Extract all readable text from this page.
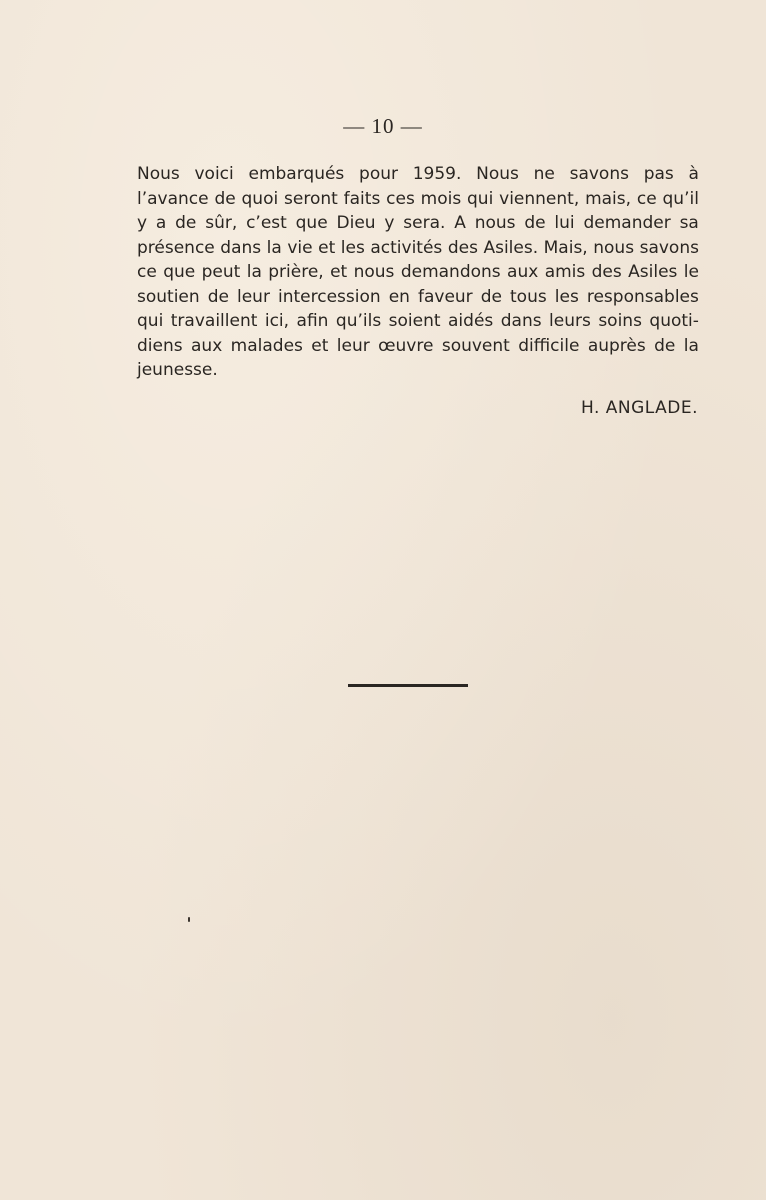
— 10 —
Nous voici embarqués pour 1959. Nous ne savons pas à
l’avance de quoi seront faits ces mois qui viennent, mais, ce qu’il
y a de sûr, c’est que Dieu y sera. A nous de lui demander sa
présence dans la vie et les activités des Asiles. Mais, nous savons
ce que peut la prière, et nous demandons aux amis des Asiles le
soutien de leur intercession en faveur de tous les responsables
qui travaillent ici, afin qu’ils soient aidés dans leurs soins quoti-
diens aux malades et leur œuvre souvent difficile auprès de la
jeunesse.
H. ANGLADE.
